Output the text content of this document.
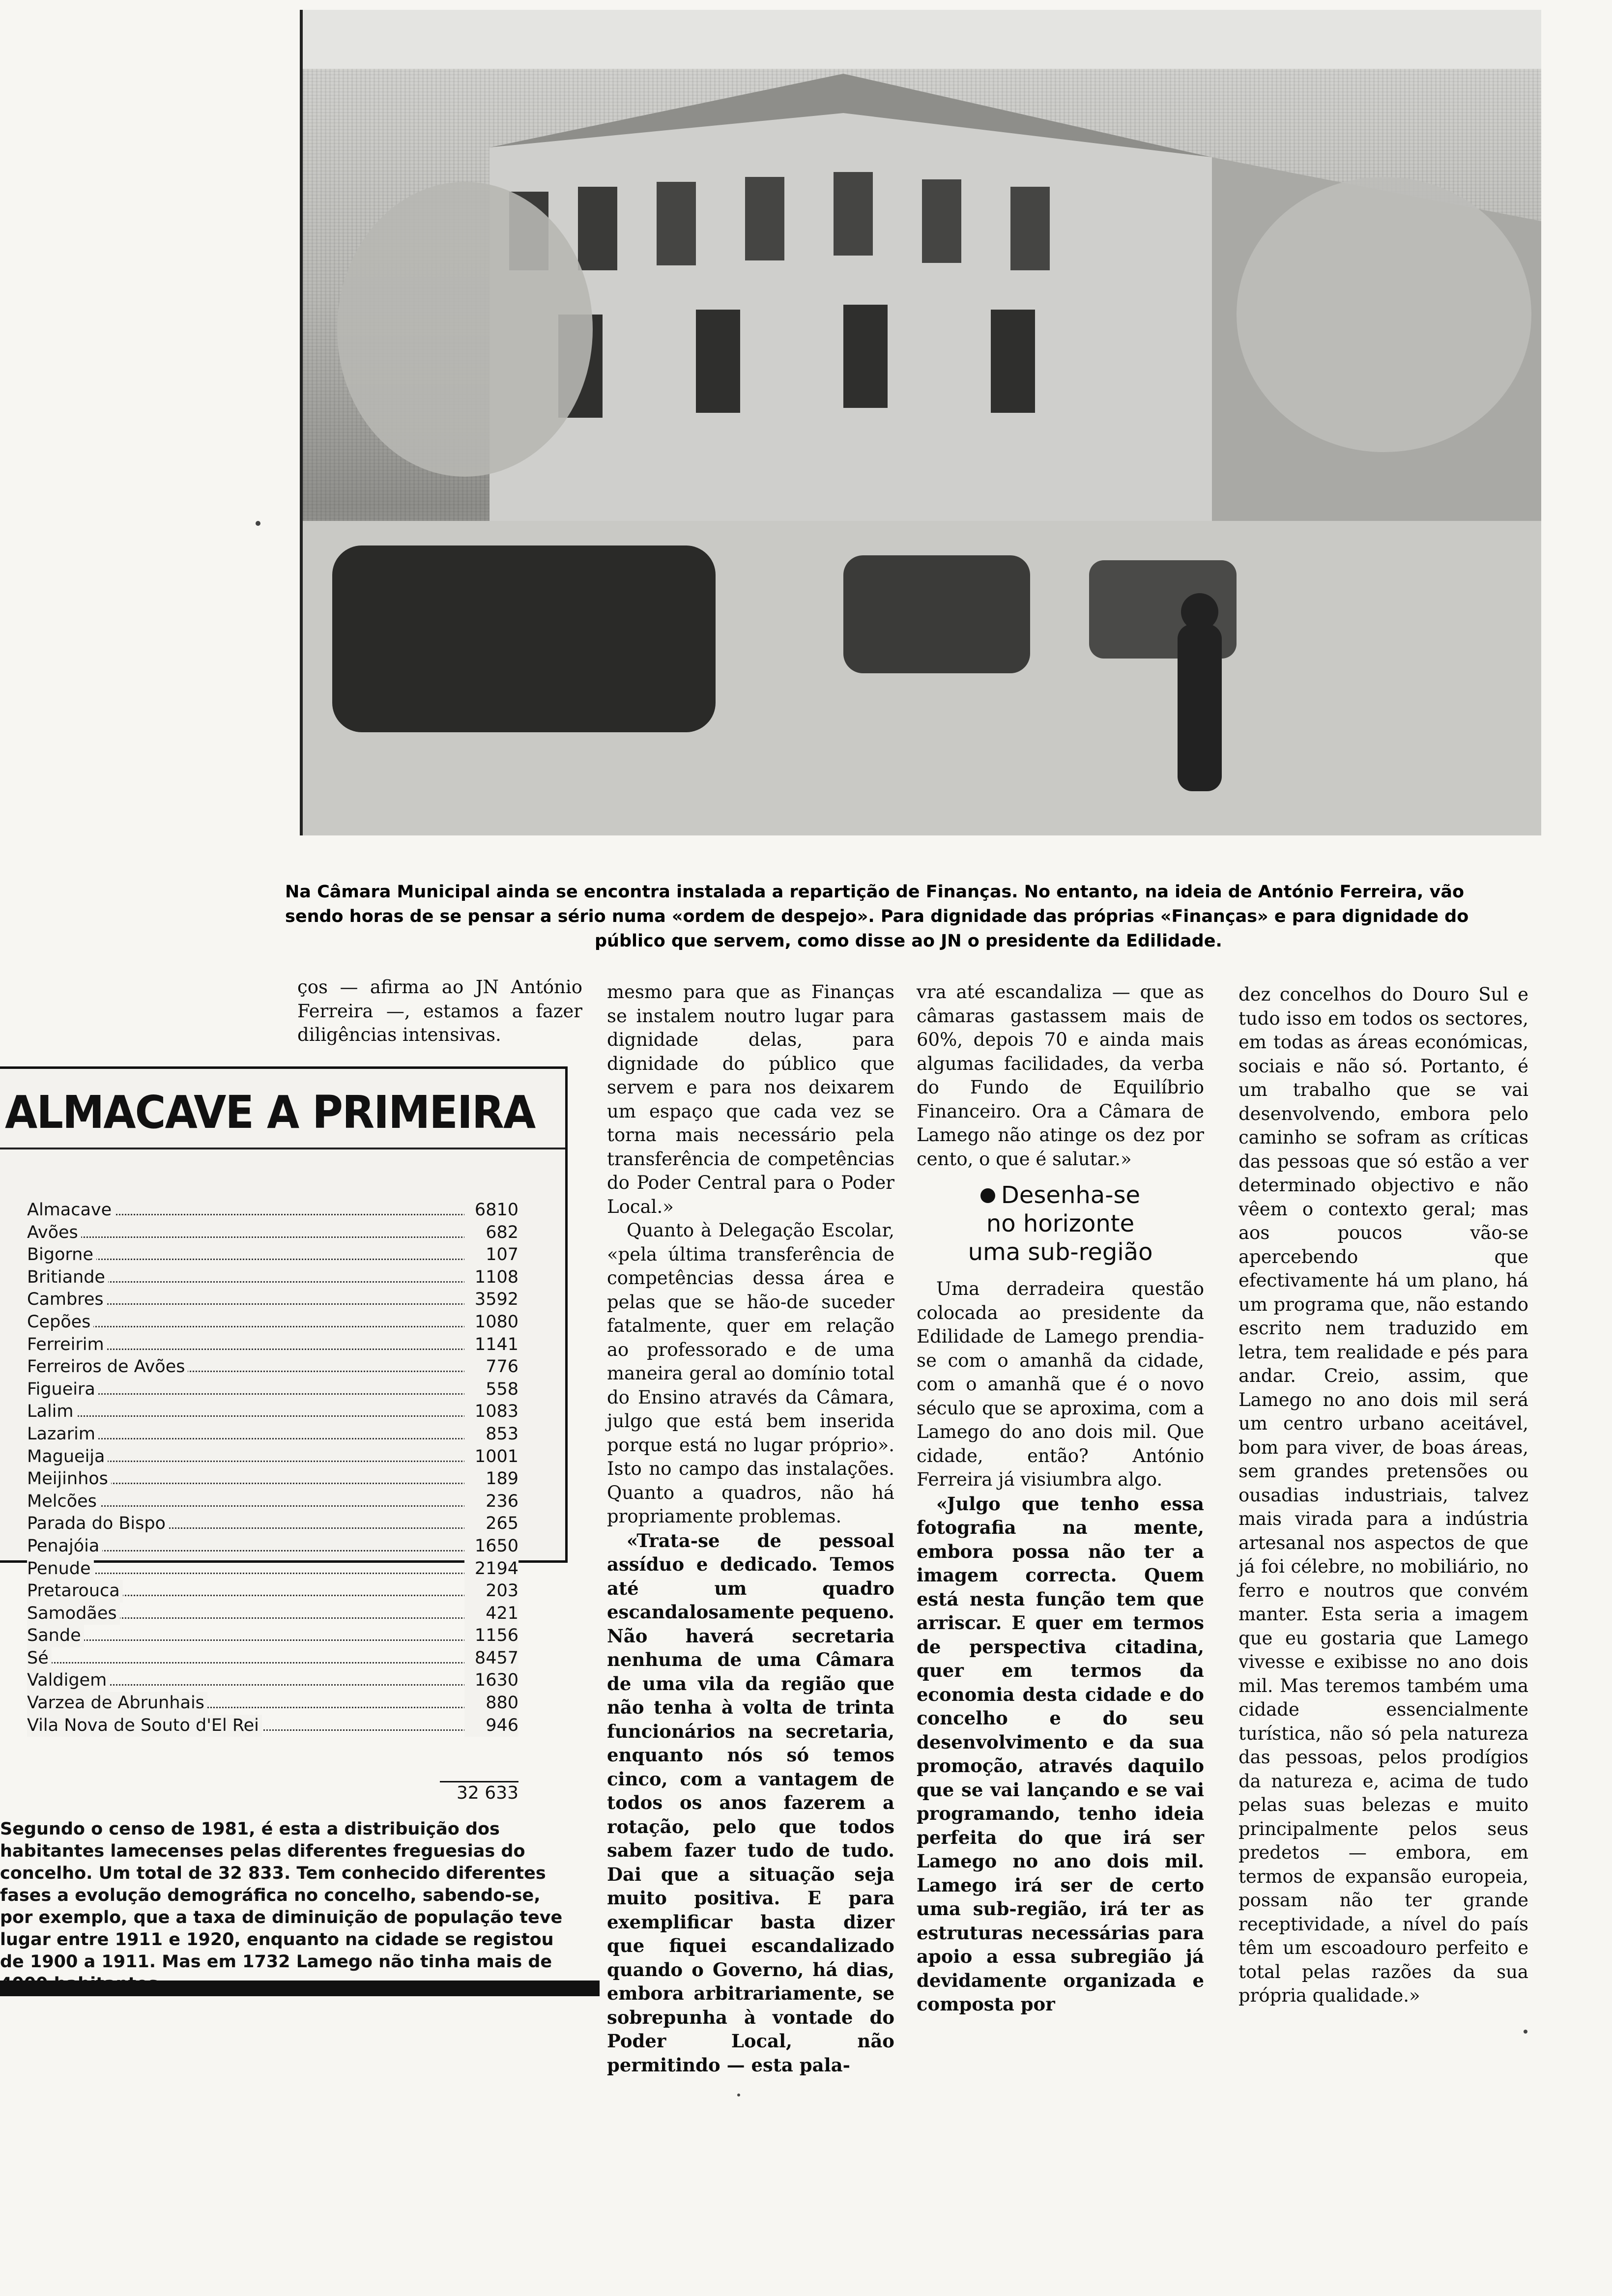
Na Câmara Municipal ainda se encontra instalada a repartição de Finanças. No entanto, na ideia de António Ferreira, vão
sendo horas de se pensar a sério numa «ordem de despejo». Para dignidade das próprias «Finanças» e para dignidade do
público que servem, como disse ao JN o presidente da Edilidade.

ços — afirma ao JN António Ferreira —, estamos a fazer diligências intensivas.

ALMACAVE A PRIMEIRA
Almacave	6810
Avões	682
Bigorne	107
Britiande	1108
Cambres	3592
Cepões	1080
Ferreirim	1141
Ferreiros de Avões	776
Figueira	558
Lalim	1083
Lazarim	853
Magueija	1001
Meijinhos	189
Melcões	236
Parada do Bispo	265
Penajóia	1650
Penude	2194
Pretarouca	203
Samodães	421
Sande	1156
Sé	8457
Valdigem	1630
Varzea de Abrunhais	880
Vila Nova de Souto d'El Rei	946
32 633
Segundo o censo de 1981, é esta a distribuição dos habitantes lamecenses pelas diferentes freguesias do concelho. Um total de 32 833. Tem conhecido diferentes fases a evolução demográfica no concelho, sabendo-se, por exemplo, que a taxa de diminuição de população teve lugar entre 1911 e 1920, enquanto na cidade se registou de 1900 a 1911. Mas em 1732 Lamego não tinha mais de

mesmo para que as Finanças se instalem noutro lugar para dignidade delas, para dignidade do público que servem e para nos deixarem um espaço que cada vez se torna mais necessário pela transferência de competências do Poder Central para o Poder Local.»

Quanto à Delegação Escolar, «pela última transferência de competências dessa área e pelas que se hão-de suceder fatalmente, quer em relação ao professorado e de uma maneira geral ao domínio total do Ensino através da Câmara, julgo que está bem inserida porque está no lugar próprio». Isto no campo das instalações. Quanto a quadros, não há propriamente problemas.

«Trata-se de pessoal assíduo e dedicado. Temos até um quadro escandalosamente pequeno. Não haverá secretaria nenhuma de uma Câmara de uma vila da região que não tenha à volta de trinta funcionários na secretaria, enquanto nós só temos cinco, com a vantagem de todos os anos fazerem a rotação, pelo que todos sabem fazer tudo de tudo. Dai que a situação seja muito positiva. E para exemplificar basta dizer que fiquei escandalizado quando o Governo, há dias, embora arbitrariamente, se sobrepunha à vontade do Poder Local, não permitindo — esta pala-

vra até escandaliza — que as câmaras gastassem mais de 60%, depois 70 e ainda mais algumas facilidades, da verba do Fundo de Equilíbrio Financeiro. Ora a Câmara de Lamego não atinge os dez por cento, o que é salutar.»

Desenha-se
no horizonte
uma sub-região

Uma derradeira questão colocada ao presidente da Edilidade de Lamego prendia-se com o amanhã da cidade, com o amanhã que é o novo século que se aproxima, com a Lamego do ano dois mil. Que cidade, então? António Ferreira já visiumbra algo.

«Julgo que tenho essa fotografia na mente, embora possa não ter a imagem correcta. Quem está nesta função tem que arriscar. E quer em termos de perspectiva citadina, quer em termos da economia desta cidade e do concelho e do seu desenvolvimento e da sua promoção, através daquilo que se vai lançando e se vai programando, tenho ideia perfeita do que irá ser Lamego no ano dois mil. Lamego irá ser de certo uma sub-região, irá ter as estruturas necessárias para apoio a essa subregião já devidamente organizada e composta por

dez concelhos do Douro Sul e tudo isso em todos os sectores, em todas as áreas económicas, sociais e não só. Portanto, é um trabalho que se vai desenvolvendo, embora pelo caminho se sofram as críticas das pessoas que só estão a ver determinado objectivo e não vêem o contexto geral; mas aos poucos vão-se apercebendo que efectivamente há um plano, há um programa que, não estando escrito nem traduzido em letra, tem realidade e pés para andar. Creio, assim, que Lamego no ano dois mil será um centro urbano aceitável, bom para viver, de boas áreas, sem grandes pretensões ou ousadias industriais, talvez mais virada para a indústria artesanal nos aspectos de que já foi célebre, no mobiliário, no ferro e noutros que convém manter. Esta seria a imagem que eu gostaria que Lamego vivesse e exibisse no ano dois mil. Mas teremos também uma cidade essencialmente turística, não só pela natureza das pessoas, pelos prodígios da natureza e, acima de tudo pelas suas belezas e muito principalmente pelos seus predetos — embora, em termos de expansão europeia, possam não ter grande receptividade, a nível do país têm um escoadouro perfeito e total pelas razões da sua própria qualidade.»
